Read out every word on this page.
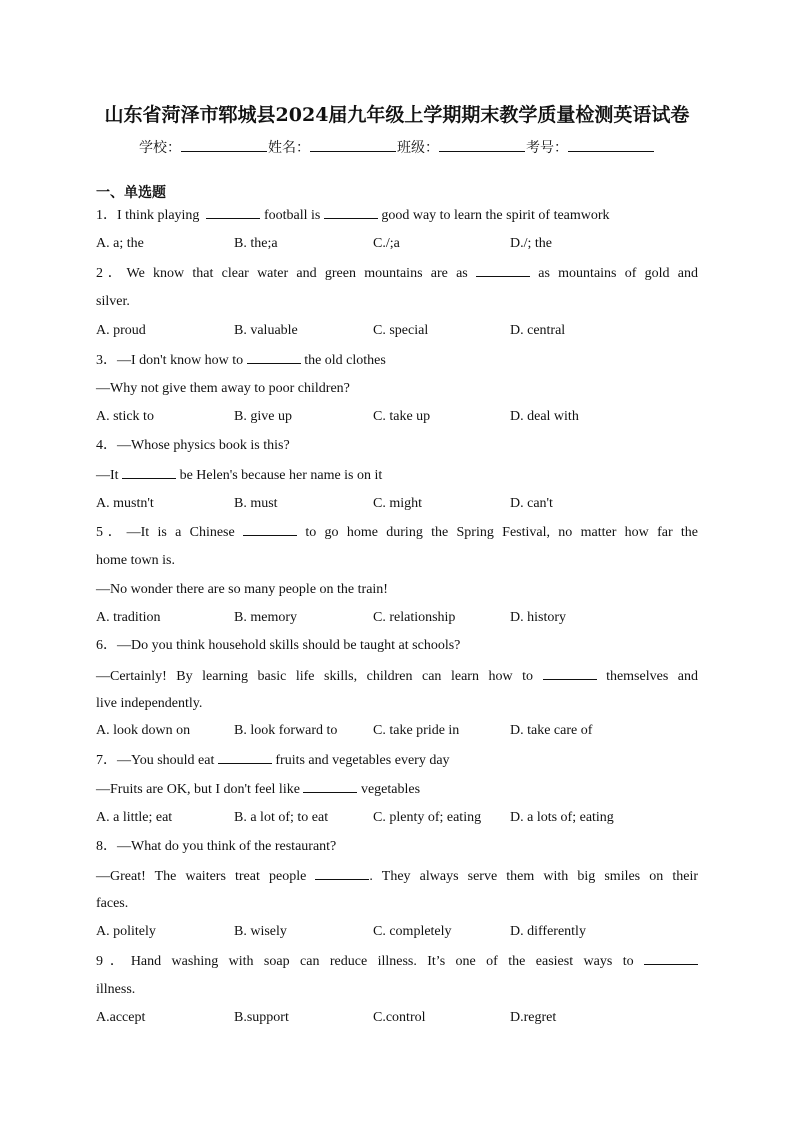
山东省菏泽市郓城县2024届九年级上学期期末教学质量检测英语试卷
学校：	姓名：	班级：	考号：
一、单选题
1．I think playing	football is	good way to learn the spirit of teamwork
A. a; the	B. the;a	C./;a	D./; the
2．We know that clear water and green mountains are as	as mountains of gold and
silver.
A. proud	B. valuable	C. special	D. central
3．—I don't know how to	the old clothes
—Why not give them away to poor children?
A. stick to	B. give up	C. take up	D. deal with
4．—Whose physics book is this?
—It	be Helen's because her name is on it
A. mustn't	B. must	C. might	D. can't
5．—It is a Chinese	to go home during the Spring Festival, no matter how far the
home town is.
—No wonder there are so many people on the train!
A. tradition	B. memory	C. relationship	D. history
6．—Do you think household skills should be taught at schools?
—Certainly! By learning basic life skills, children can learn how to	themselves and
live independently.
A. look down on	B. look forward to	C. take pride in	D. take care of
7．—You should eat	fruits and vegetables every day
—Fruits are OK, but I don't feel like	vegetables
A. a little; eat	B. a lot of; to eat	C. plenty of; eating D. a lots of; eating
8．—What do you think of the restaurant?
—Great! The waiters treat people	. They always serve them with big smiles on their
faces.
A. politely	B. wisely	C. completely	D. differently
9．Hand washing with soap can reduce illness. It’s one of the easiest ways to
illness.
A.accept	B.support	C.control	D.regret
